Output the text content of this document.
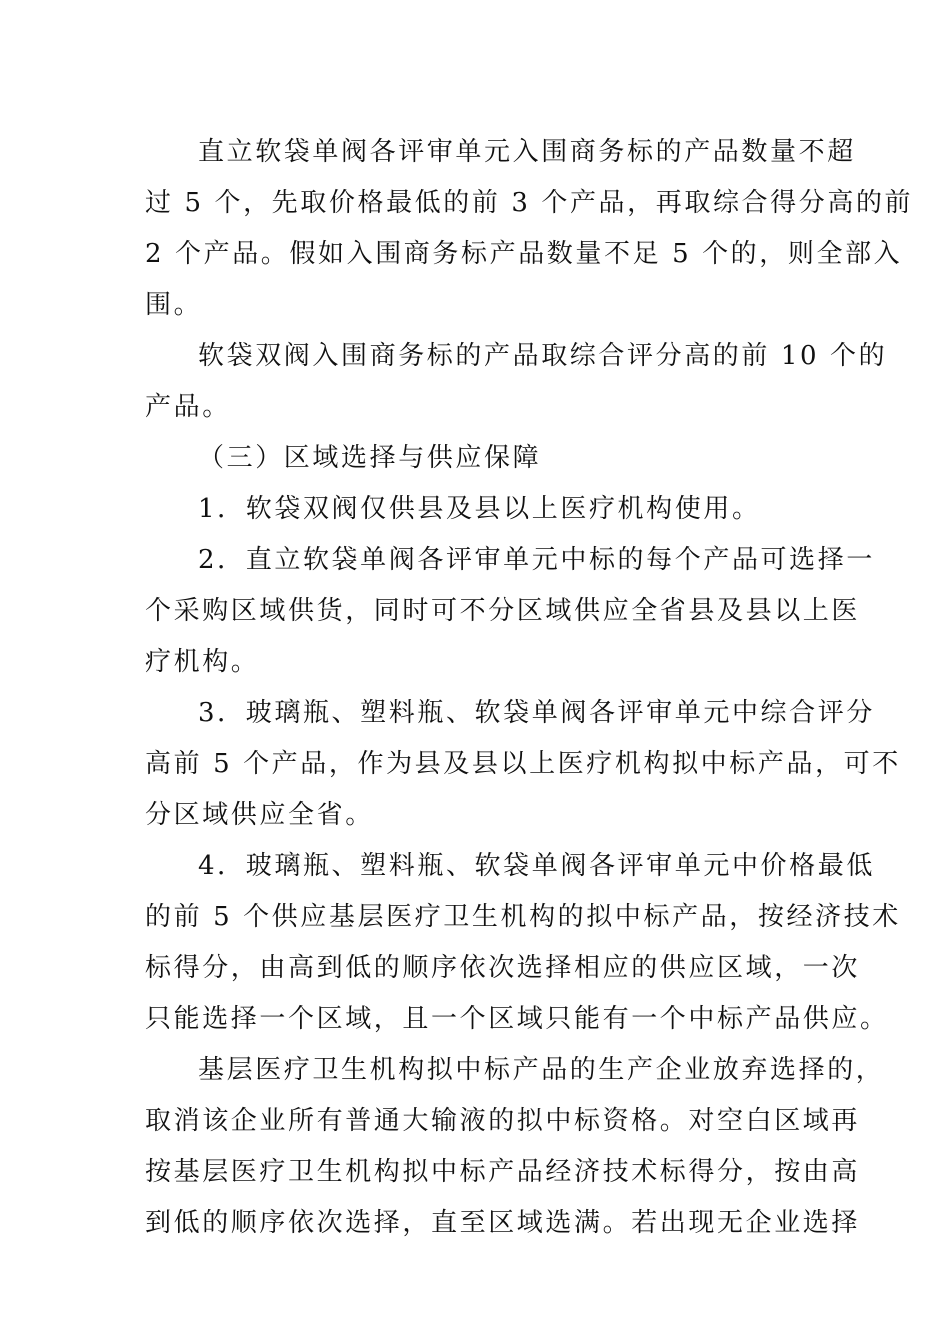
直立软袋单阀各评审单元入围商务标的产品数量不超
过 5 个，先取价格最低的前 3 个产品，再取综合得分高的前
2 个产品。假如入围商务标产品数量不足 5 个的，则全部入
围。
软袋双阀入围商务标的产品取综合评分高的前 10 个的
产品。
（三）区域选择与供应保障
1．软袋双阀仅供县及县以上医疗机构使用。
2．直立软袋单阀各评审单元中标的每个产品可选择一
个采购区域供货，同时可不分区域供应全省县及县以上医
疗机构。
3．玻璃瓶、塑料瓶、软袋单阀各评审单元中综合评分
高前 5 个产品，作为县及县以上医疗机构拟中标产品，可不
分区域供应全省。
4．玻璃瓶、塑料瓶、软袋单阀各评审单元中价格最低
的前 5 个供应基层医疗卫生机构的拟中标产品，按经济技术
标得分，由高到低的顺序依次选择相应的供应区域，一次
只能选择一个区域，且一个区域只能有一个中标产品供应。
基层医疗卫生机构拟中标产品的生产企业放弃选择的，
取消该企业所有普通大输液的拟中标资格。对空白区域再
按基层医疗卫生机构拟中标产品经济技术标得分，按由高
到低的顺序依次选择，直至区域选满。若出现无企业选择
